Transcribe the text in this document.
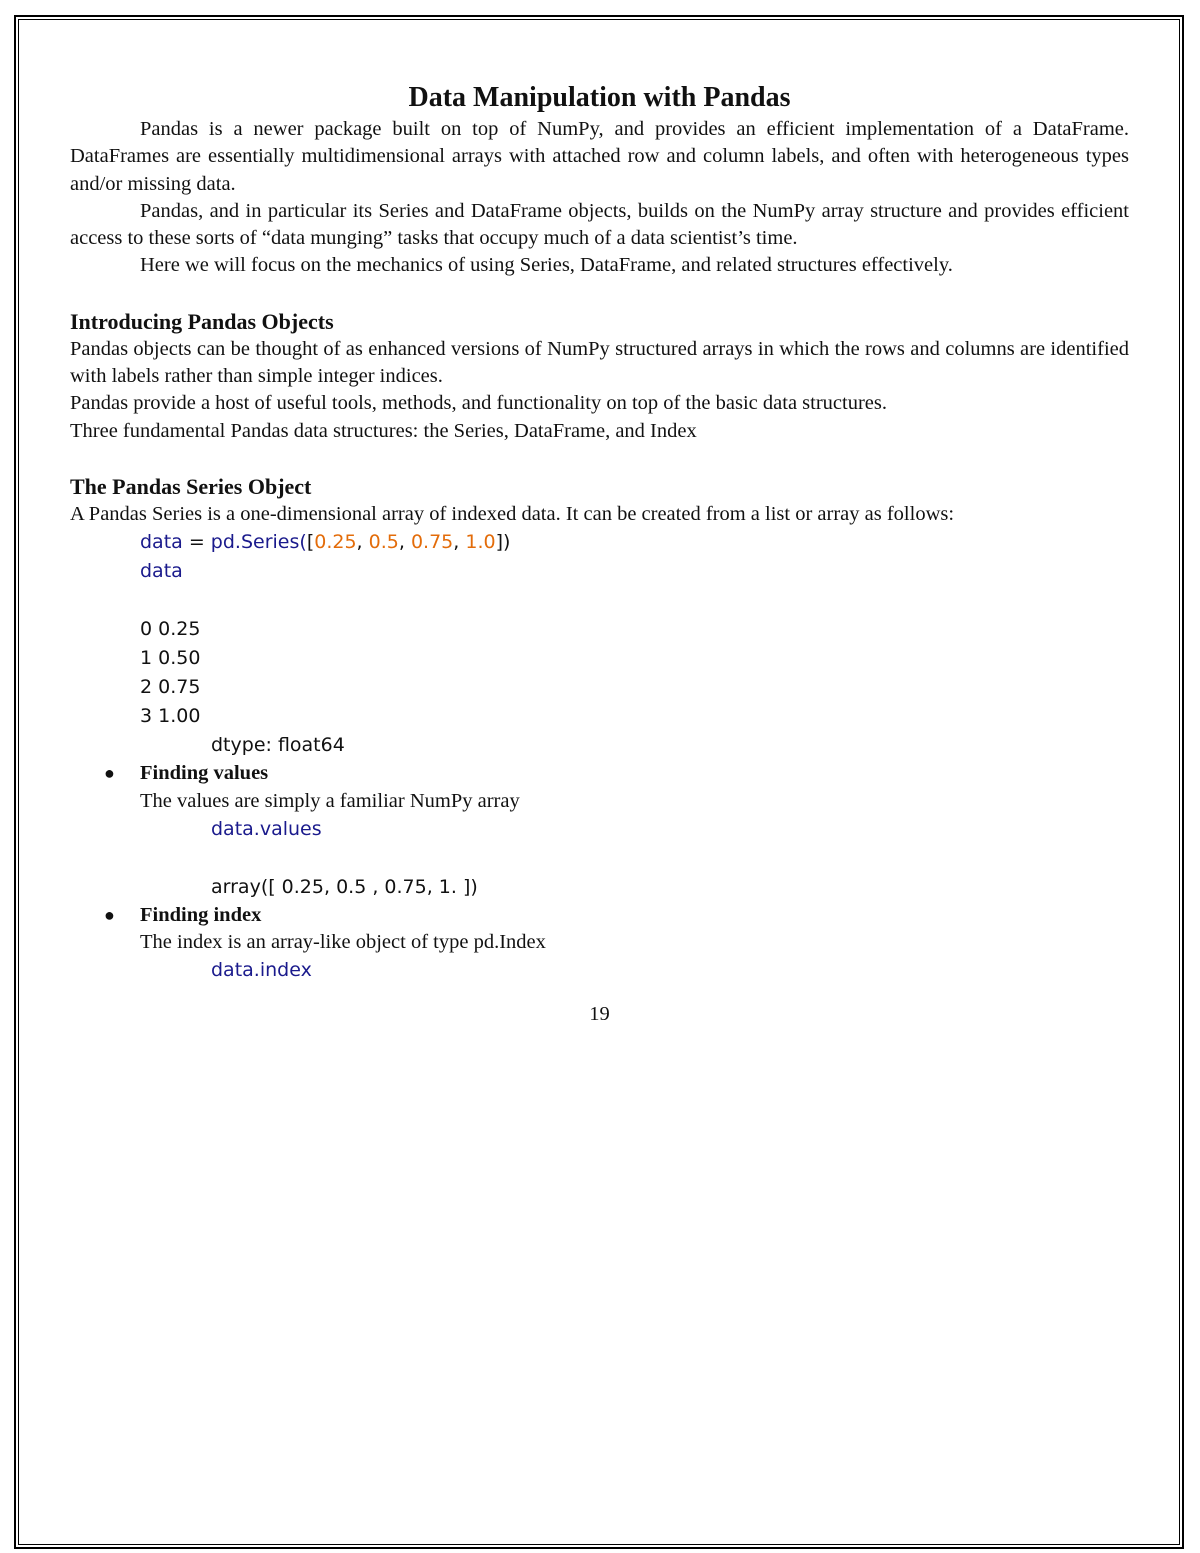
Data Manipulation with Pandas

Pandas is a newer package built on top of NumPy, and provides an efficient implementation of a DataFrame. DataFrames are essentially multidimensional arrays with attached row and column labels, and often with heterogeneous types and/or missing data.

Pandas, and in particular its Series and DataFrame objects, builds on the NumPy array structure and provides efficient access to these sorts of “data munging” tasks that occupy much of a data scientist’s time.

Here we will focus on the mechanics of using Series, DataFrame, and related structures effectively.

Introducing Pandas Objects

Pandas objects can be thought of as enhanced versions of NumPy structured arrays in which the rows and columns are identified with labels rather than simple integer indices.

Pandas provide a host of useful tools, methods, and functionality on top of the basic data structures.

Three fundamental Pandas data structures: the Series, DataFrame, and Index

The Pandas Series Object

A Pandas Series is a one-dimensional array of indexed data. It can be created from a list or array as follows:

data = pd.Series([0.25, 0.5, 0.75, 1.0])
data
0 0.25
1 0.50
2 0.75
3 1.00
dtype: float64
● Finding values
The values are simply a familiar NumPy array
data.values
array([ 0.25, 0.5 , 0.75, 1. ])
● Finding index
The index is an array-like object of type pd.Index
data.index
19
